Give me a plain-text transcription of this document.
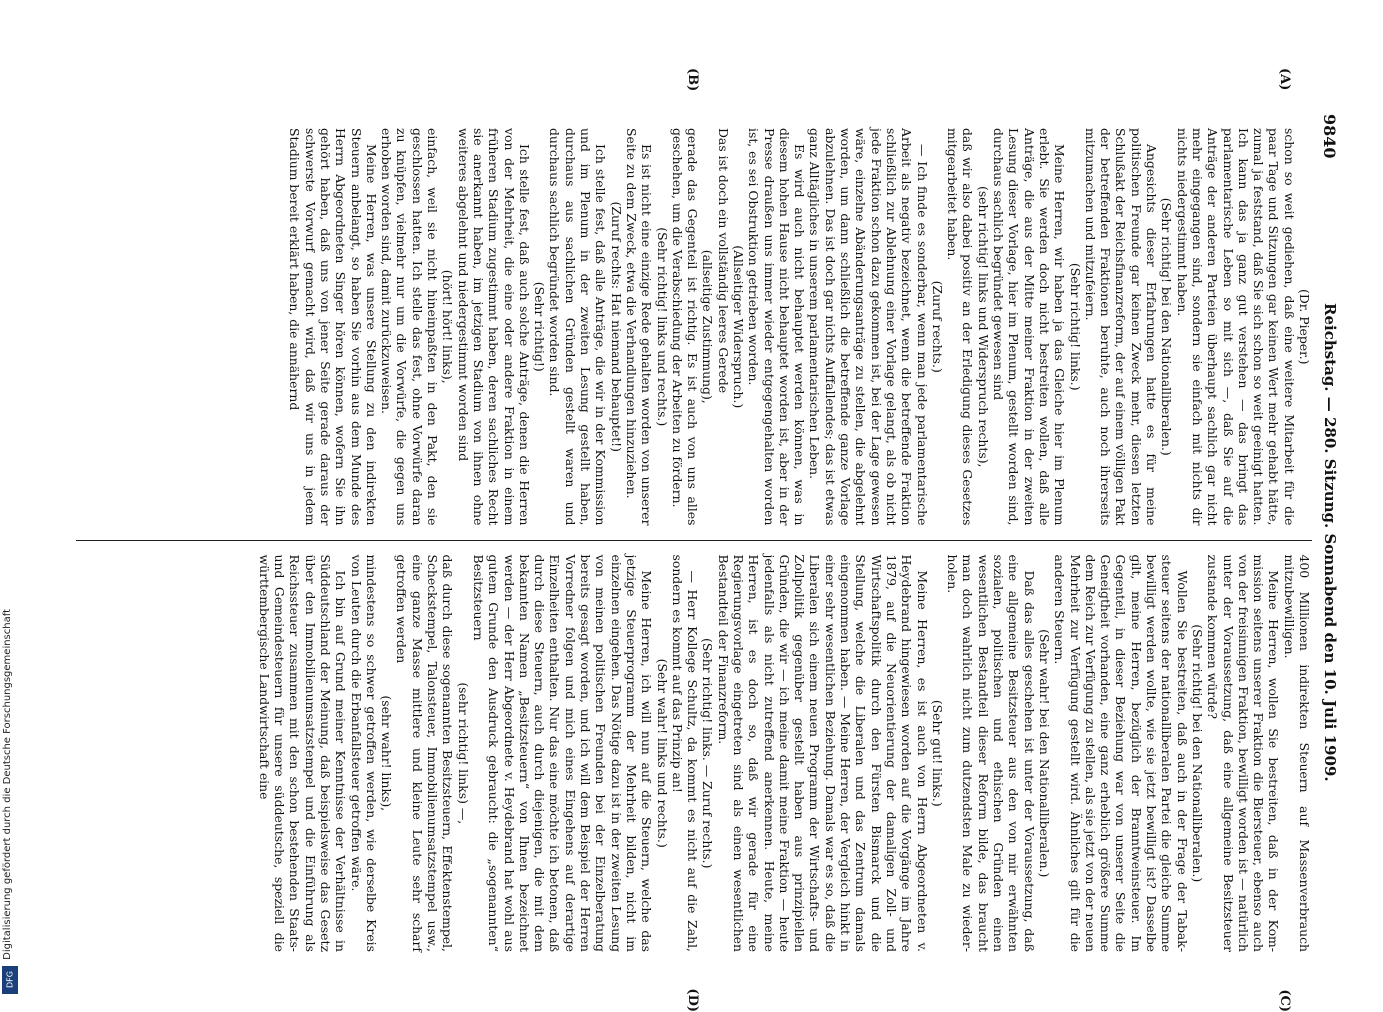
9840
Reichstag. — 280. Sitzung. Sonnabend den 10. Juli 1909.
(A)
(B)
(C)
(D)

(Dr. Pieper.)

schon so weit gediehen, daß eine weitere Mitarbeit für die paar Tage und Sitzungen gar keinen Wert mehr gehabt hätte, zumal ja feststand, daß Sie sich schon so weit geeinigt hatten. Ich kann das ja ganz gut verstehen — das bringt das parlamentarische Leben so mit sich —, daß Sie auf die Anträge der anderen Parteien überhaupt sachlich gar nicht mehr eingegangen sind, sondern sie einfach mit nichts dir nichts niedergestimmt haben.

(Sehr richtig! bei den Nationalliberalen.)

Angesichts dieser Erfahrungen hatte es für meine politischen Freunde gar keinen Zweck mehr, diesen letzten Schlußakt der Reichsfinanzreform, der auf einem völligen Pakt der betreffenden Fraktionen beruhte, auch noch ihrerseits mitzumachen und mitzufeiern.

(Sehr richtig! links.)

Meine Herren, wir haben ja das Gleiche hier im Plenum erlebt. Sie werden doch nicht bestreiten wollen, daß alle Anträge, die aus der Mitte meiner Fraktion in der zweiten Lesung dieser Vorlage, hier im Plenum, gestellt worden sind, durchaus sachlich begründet gewesen sind

(sehr richtig! links und Widerspruch rechts),

daß wir also dabei positiv an der Erledigung dieses Gesetzes mitgearbeitet haben.

(Zuruf rechts.)

— Ich finde es sonderbar, wenn man jede parlamentarische Arbeit als negativ bezeichnet, wenn die betreffende Fraktion schließlich zur Ablehnung einer Vorlage gelangt, als ob nicht jede Fraktion schon dazu gekommen ist, bei der Lage gewesen wäre, einzelne Abänderungsanträge zu stellen, die abgelehnt worden, um dann schließlich die betreffende ganze Vorlage abzulehnen. Das ist doch gar nichts Auffallendes; das ist etwas ganz Alltägliches in unserem parlamentarischen Leben.

Es wird auch nicht behauptet werden können, was in diesem hohen Hause nicht behauptet worden ist, aber in der Presse draußen uns immer wieder entgegengehalten worden ist, es sei Obstruktion getrieben worden.

(Allseitiger Widerspruch.)

Das ist doch ein vollständig leeres Gerede

(allseitige Zustimmung),

gerade das Gegenteil ist richtig. Es ist auch von uns alles geschehen, um die Verabschiedung der Arbeiten zu fördern.

(Sehr richtig! links und rechts.)

Es ist nicht eine einzige Rede gehalten worden von unserer Seite zu dem Zweck, etwa die Verhandlungen hinzuziehen.

(Zuruf rechts: Hat niemand behauptet!)

Ich stelle fest, daß alle Anträge, die wir in der Kommission und im Plenum in der zweiten Lesung gestellt haben, durchaus aus sachlichen Gründen gestellt waren und durchaus sachlich begründet worden sind.

(Sehr richtig!)

Ich stelle fest, daß auch solche Anträge, denen die Herren von der Mehrheit, die eine oder andere Fraktion in einem früheren Stadium zugestimmt haben, deren sachliches Recht sie anerkannt haben, im jetzigen Stadium von ihnen ohne weiteres abgelehnt und niedergestimmt worden sind

(hört! hört! links),

einfach, weil sie nicht hineinpaßten in den Pakt, den sie geschlossen hatten. Ich stelle das fest, ohne Vorwürfe daran zu knüpfen, vielmehr nur um die Vorwürfe, die gegen uns erhoben worden sind, damit zurückzuweisen.

Meine Herren, was unsere Stellung zu den indirekten Steuern anbelangt, so haben Sie vorhin aus dem Munde des Herrn Abgeordneten Singer hören können, wofern Sie ihn gehört haben, daß uns von jener Seite gerade daraus der schwerste Vorwurf gemacht wird, daß wir uns in jedem Stadium bereit erklärt haben, die annähernd

400 Millionen indirekten Steuern auf Massenverbrauch mitzubewilligen.

Meine Herren, wollen Sie bestreiten, daß in der Kommission seitens unserer Fraktion die Biersteuer, ebenso auch von der freisinnigen Fraktion, bewilligt worden ist — natürlich unter der Voraussetzung, daß eine allgemeine Besitzsteuer zustande kommen würde?

(Sehr richtig! bei den Nationalliberalen.)

Wollen Sie bestreiten, daß auch in der Frage der Tabaksteuer seitens der nationalliberalen Partei die gleiche Summe bewilligt werden wollte, wie sie jetzt bewilligt ist? Dasselbe gilt, meine Herren, bezüglich der Branntweinsteuer. Im Gegenteil, in dieser Beziehung war von unserer Seite die Geneigtheit vorhanden, eine ganz erheblich größere Summe dem Reich zur Verfügung zu stellen, als sie jetzt von der neuen Mehrheit zur Verfügung gestellt wird. Ähnliches gilt für die anderen Steuern.

(Sehr wahr! bei den Nationalliberalen.)

Daß das alles geschehen ist unter der Voraussetzung, daß eine allgemeine Besitzsteuer aus den von mir erwähnten sozialen, politischen und ethischen Gründen einen wesentlichen Bestandteil dieser Reform bilde, das braucht man doch wahrlich nicht zum dutzendsten Male zu wiederholen.

(Sehr gut! links.)

Meine Herren, es ist auch von Herrn Abgeordneten v. Heydebrand hingewiesen worden auf die Vorgänge im Jahre 1879, auf die Neuorientierung der damaligen Zoll- und Wirtschaftspolitik durch den Fürsten Bismarck und die Stellung, welche die Liberalen und das Zentrum damals eingenommen haben. — Meine Herren, der Vergleich hinkt in einer sehr wesentlichen Beziehung. Damals war es so, daß die Liberalen sich einem neuen Programm der Wirtschafts- und Zollpolitik gegenüber gestellt haben aus prinzipiellen Gründen, die wir — ich meine damit meine Fraktion — heute jedenfalls als nicht zutreffend anerkennen. Heute, meine Herren, ist es doch so, daß wir gerade für eine Regierungsvorlage eingetreten sind als einen wesentlichen Bestandteil der Finanzreform.

(Sehr richtig! links. — Zuruf rechts.)

— Herr Kollege Schultz, da kommt es nicht auf die Zahl, sondern es kommt auf das Prinzip an!

(Sehr wahr! links und rechts.)

Meine Herren, ich will nun auf die Steuern, welche das jetzige Steuerprogramm der Mehrheit bilden, nicht im einzelnen eingehen. Das Nötige dazu ist in der zweiten Lesung von meinen politischen Freunden bei der Einzelberatung bereits gesagt worden, und ich will dem Beispiel der Herren Vorredner folgen und mich eines Eingehens auf derartige Einzelheiten enthalten. Nur das eine möchte ich betonen, daß durch diese Steuern, auch durch diejenigen, die mit dem bekannten Namen „Besitzsteuern“ von Ihnen bezeichnet werden — der Herr Abgeordnete v. Heydebrand hat wohl aus gutem Grunde den Ausdruck gebraucht: die „sogenannten“ Besitzsteuern

(sehr richtig! links) —,

daß durch diese sogenannten Besitzsteuern, Effektenstempel, Scheckstempel, Talonsteuer, Immobilienumsatzstempel usw., eine ganze Masse mittlere und kleine Leute sehr scharf getroffen werden

(sehr wahr! links),

mindestens so schwer getroffen werden, wie derselbe Kreis von Leuten durch die Erbanfallsteuer getroffen wäre.

Ich bin auf Grund meiner Kenntnisse der Verhältnisse in Süddeutschland der Meinung, daß beispielsweise das Gesetz über den Immobilienumsatzstempel und die Einführung als Reichssteuer zusammen mit den schon bestehenden Staats- und Gemeindesteuern für unsere süddeutsche, speziell die württembergische Landwirtschaft eine

Digitalisierung gefördert durch die Deutsche Forschungsgemeinschaft
DFG
